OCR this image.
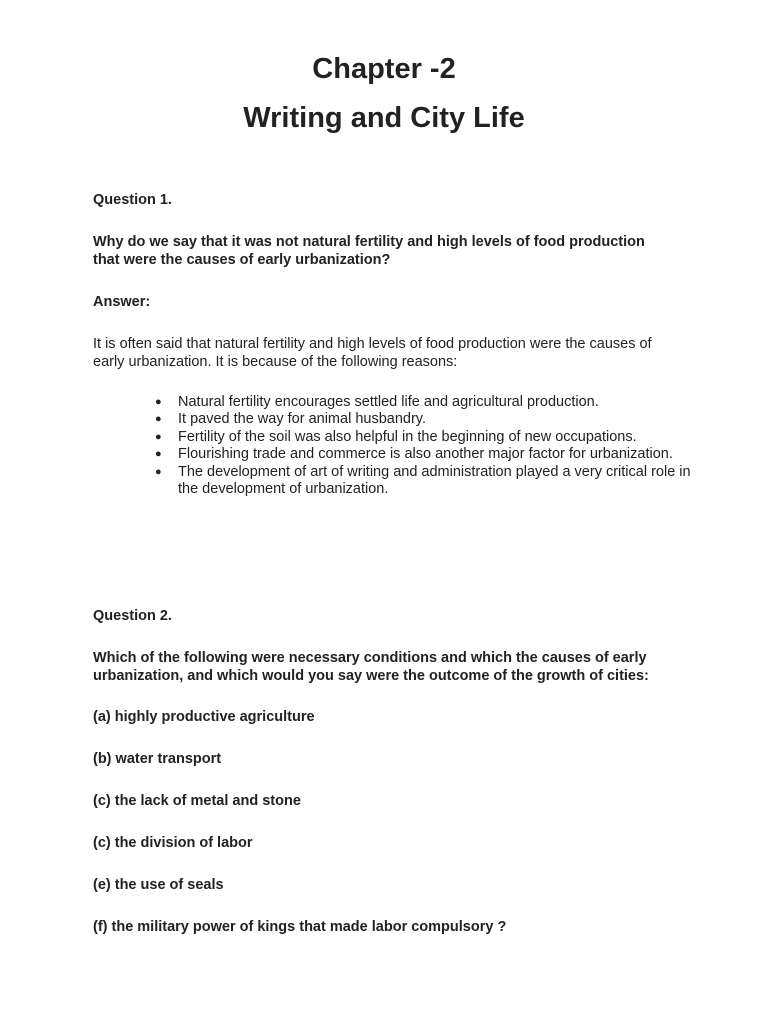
Chapter -2
Writing and City Life

Question 1.

Why do we say that it was not natural fertility and high levels of food production that were the causes of early urbanization?

Answer:

It is often said that natural fertility and high levels of food production were the causes of early urbanization. It is because of the following reasons:

●	Natural fertility encourages settled life and agricultural production.
●	It paved the way for animal husbandry.
●	Fertility of the soil was also helpful in the beginning of new occupations.
●	Flourishing trade and commerce is also another major factor for urbanization.
●	The development of art of writing and administration played a very critical role in the development of urbanization.

Question 2.

Which of the following were necessary conditions and which the causes of early urbanization, and which would you say were the outcome of the growth of cities:

(a) highly productive agriculture

(b) water transport

(c) the lack of metal and stone

(c) the division of labor

(e) the use of seals

(f) the military power of kings that made labor compulsory ?
